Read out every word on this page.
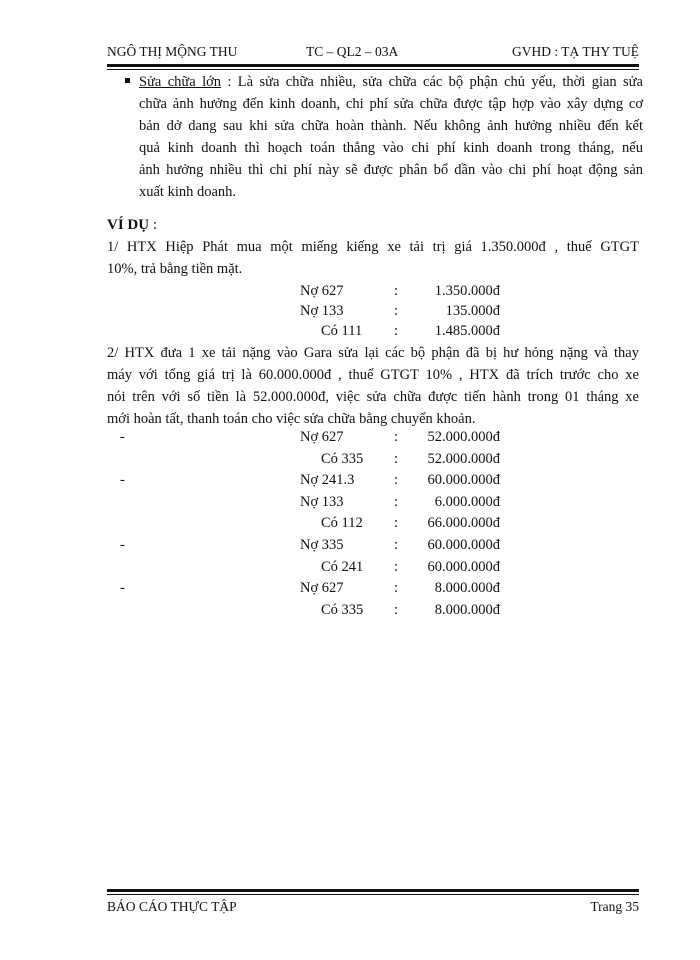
NGÔ THỊ MỘNG THU	TC – QL2 – 03A	GVHD : TẠ THY TUỆ
Sửa chữa lớn : Là sửa chữa nhiều, sửa chữa các bộ phận chủ yếu, thời gian sửa
chữa ảnh hưởng đến kinh doanh, chi phí sửa chữa được tập hợp vào xây dựng cơ
bản dở dang sau khi sửa chữa hoàn thành. Nếu không ảnh hưởng nhiều đến kết
quả kinh doanh thì hoạch toán thẳng vào chi phí kinh doanh trong tháng, nếu
ảnh hưởng nhiều thì chi phí này sẽ được phân bổ dần vào chi phí hoạt động sản
xuất kinh doanh.
VÍ DỤ :
1/ HTX Hiệp Phát mua một miếng kiếng xe tải trị giá 1.350.000đ , thuế GTGT
10%, trả bằng tiền mặt.
Nợ 627	:	1.350.000đ
Nợ 133	:	135.000đ
Có 111 :	1.485.000đ
2/ HTX đưa 1 xe tải nặng vào Gara sửa lại các bộ phận đã bị hư hỏng nặng và thay
máy với tổng giá trị là 60.000.000đ , thuế GTGT 10% , HTX đã trích trước cho xe
nói trên với số tiền là 52.000.000đ, việc sửa chữa được tiến hành trong 01 tháng xe
mới hoàn tất, thanh toán cho việc sửa chữa bằng chuyển khoản.
-	Nợ 627	: 52.000.000đ
Có 335 : 52.000.000đ
-	Nợ 241.3	: 60.000.000đ
Nợ 133	:	6.000.000đ
Có 112 : 66.000.000đ
-	Nợ 335	: 60.000.000đ
Có 241 : 60.000.000đ
-	Nợ 627	:	8.000.000đ
Có 335 :	8.000.000đ
BÁO CÁO THỰC TẬP	Trang 35
